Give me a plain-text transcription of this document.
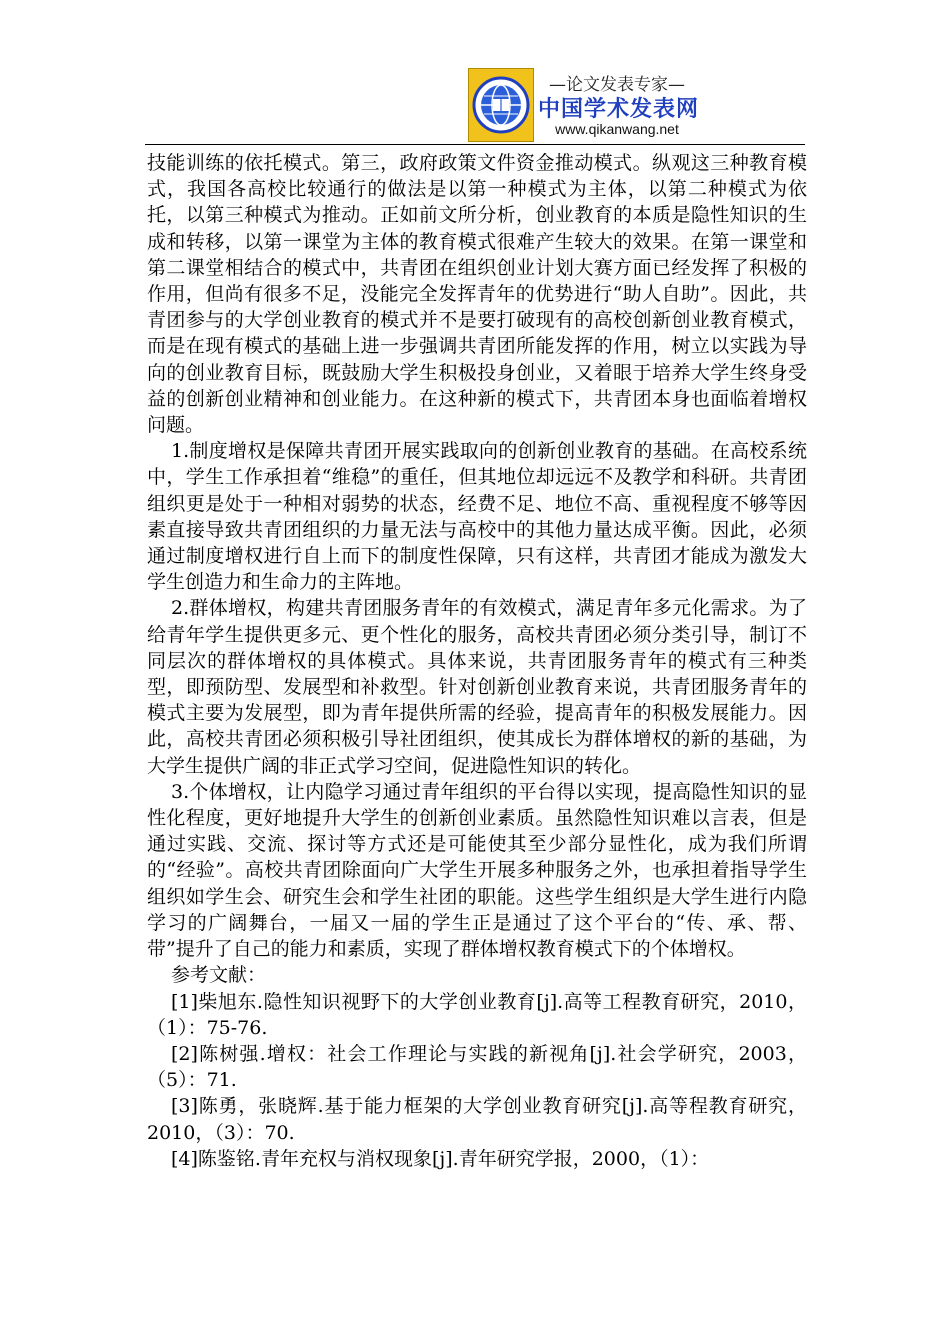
—论文发表专家—
中国学术发表网
www.qikanwang.net

技能训练的依托模式。第三，政府政策文件资金推动模式。纵观这三种教育模式，我国各高校比较通行的做法是以第一种模式为主体，以第二种模式为依托，以第三种模式为推动。正如前文所分析，创业教育的本质是隐性知识的生成和转移，以第一课堂为主体的教育模式很难产生较大的效果。在第一课堂和第二课堂相结合的模式中，共青团在组织创业计划大赛方面已经发挥了积极的作用，但尚有很多不足，没能完全发挥青年的优势进行“助人自助”。因此，共青团参与的大学创业教育的模式并不是要打破现有的高校创新创业教育模式，而是在现有模式的基础上进一步强调共青团所能发挥的作用，树立以实践为导向的创业教育目标，既鼓励大学生积极投身创业，又着眼于培养大学生终身受益的创新创业精神和创业能力。在这种新的模式下，共青团本身也面临着增权问题。

1.制度增权是保障共青团开展实践取向的创新创业教育的基础。在高校系统中，学生工作承担着“维稳”的重任，但其地位却远远不及教学和科研。共青团组织更是处于一种相对弱势的状态，经费不足、地位不高、重视程度不够等因素直接导致共青团组织的力量无法与高校中的其他力量达成平衡。因此，必须通过制度增权进行自上而下的制度性保障，只有这样，共青团才能成为激发大学生创造力和生命力的主阵地。

2.群体增权，构建共青团服务青年的有效模式，满足青年多元化需求。为了给青年学生提供更多元、更个性化的服务，高校共青团必须分类引导，制订不同层次的群体增权的具体模式。具体来说，共青团服务青年的模式有三种类型，即预防型、发展型和补救型。针对创新创业教育来说，共青团服务青年的模式主要为发展型，即为青年提供所需的经验，提高青年的积极发展能力。因此，高校共青团必须积极引导社团组织，使其成长为群体增权的新的基础，为大学生提供广阔的非正式学习空间，促进隐性知识的转化。

3.个体增权，让内隐学习通过青年组织的平台得以实现，提高隐性知识的显性化程度，更好地提升大学生的创新创业素质。虽然隐性知识难以言表，但是通过实践、交流、探讨等方式还是可能使其至少部分显性化，成为我们所谓的“经验”。高校共青团除面向广大学生开展多种服务之外，也承担着指导学生组织如学生会、研究生会和学生社团的职能。这些学生组织是大学生进行内隐学习的广阔舞台，一届又一届的学生正是通过了这个平台的“传、承、帮、带”提升了自己的能力和素质，实现了群体增权教育模式下的个体增权。

参考文献：

[1]柴旭东.隐性知识视野下的大学创业教育[j].高等工程教育研究，2010，（1）：75-76.

[2]陈树强.增权：社会工作理论与实践的新视角[j].社会学研究，2003，（5）：71.

[3]陈勇，张晓辉.基于能力框架的大学创业教育研究[j].高等程教育研究，2010，（3）：70.

[4]陈鉴铭.青年充权与消权现象[j].青年研究学报，2000，（1）：
